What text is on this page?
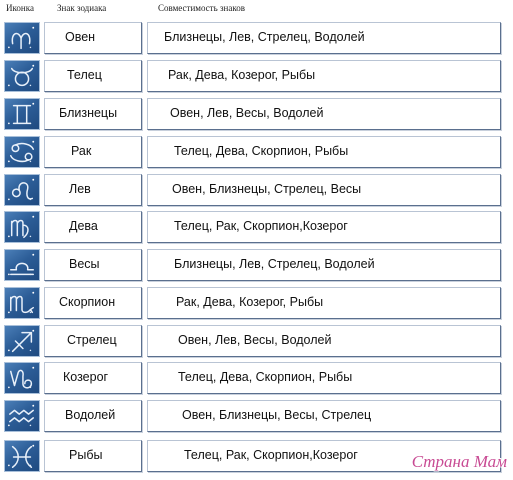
Иконка	Знак зодиака	Совместимость знаков
Овен	Близнецы, Лев, Стрелец, Водолей
Телец	Рак, Дева, Козерог, Рыбы
Близнецы	Овен, Лев, Весы, Водолей
Рак	Телец, Дева, Скорпион, Рыбы
Лев	Овен, Близнецы, Стрелец, Весы
Дева	Телец, Рак, Скорпион,Козерог
Весы	Близнецы, Лев, Стрелец, Водолей
Скорпион	Рак, Дева, Козерог, Рыбы
Стрелец	Овен, Лев, Весы, Водолей
Козерог	Телец, Дева, Скорпион, Рыбы
Водолей	Овен, Близнецы, Весы, Стрелец
Рыбы	Телец, Рак, Скорпион,Козерог	Страна Мам
